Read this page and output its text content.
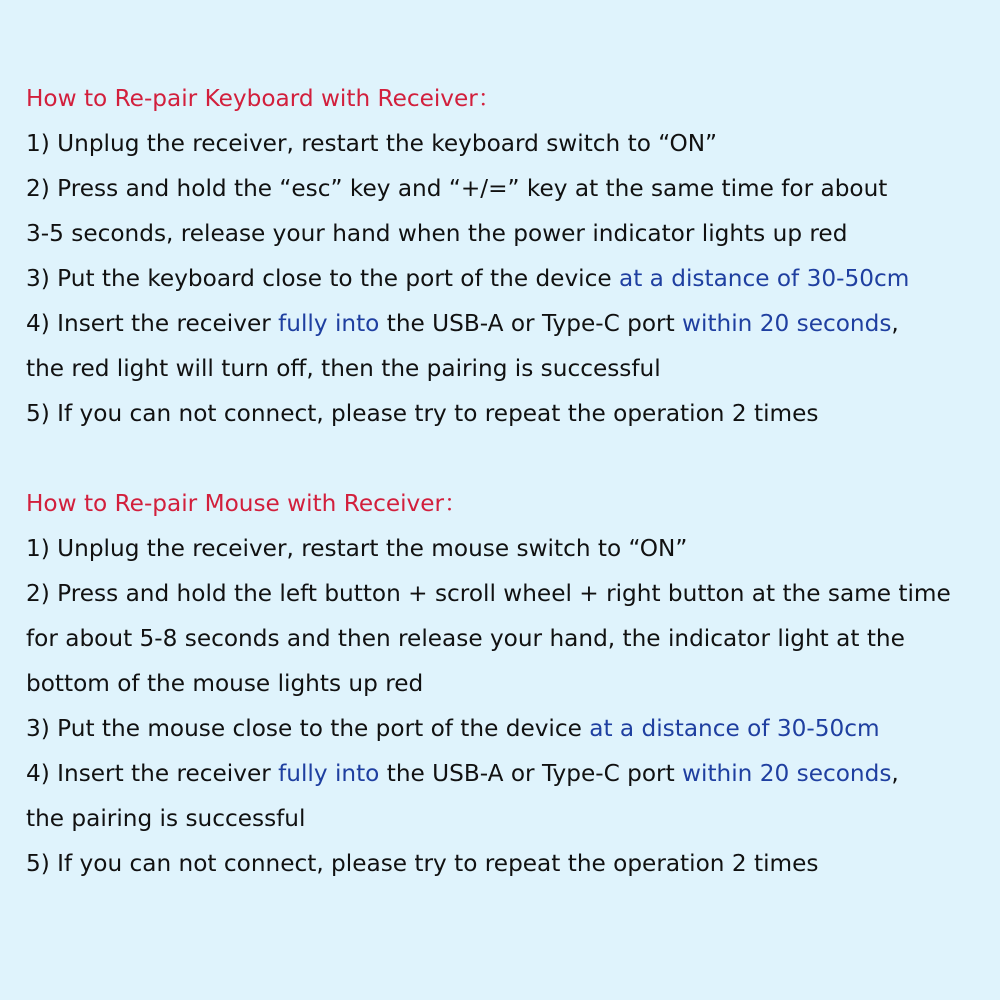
How to Re-pair Keyboard with Receiver：
1) Unplug the receiver, restart the keyboard switch to “ON”
2) Press and hold the “esc” key and “+/=” key at the same time for about
3-5 seconds, release your hand when the power indicator lights up red
3) Put the keyboard close to the port of the device at a distance of 30-50cm
4) Insert the receiver fully into the USB-A or Type-C port within 20 seconds,
the red light will turn off, then the pairing is successful
5) If you can not connect, please try to repeat the operation 2 times
How to Re-pair Mouse with Receiver：
1) Unplug the receiver, restart the mouse switch to “ON”
2) Press and hold the left button + scroll wheel + right button at the same time
for about 5-8 seconds and then release your hand, the indicator light at the
bottom of the mouse lights up red
3) Put the mouse close to the port of the device at a distance of 30-50cm
4) Insert the receiver fully into the USB-A or Type-C port within 20 seconds,
the pairing is successful
5) If you can not connect, please try to repeat the operation 2 times
